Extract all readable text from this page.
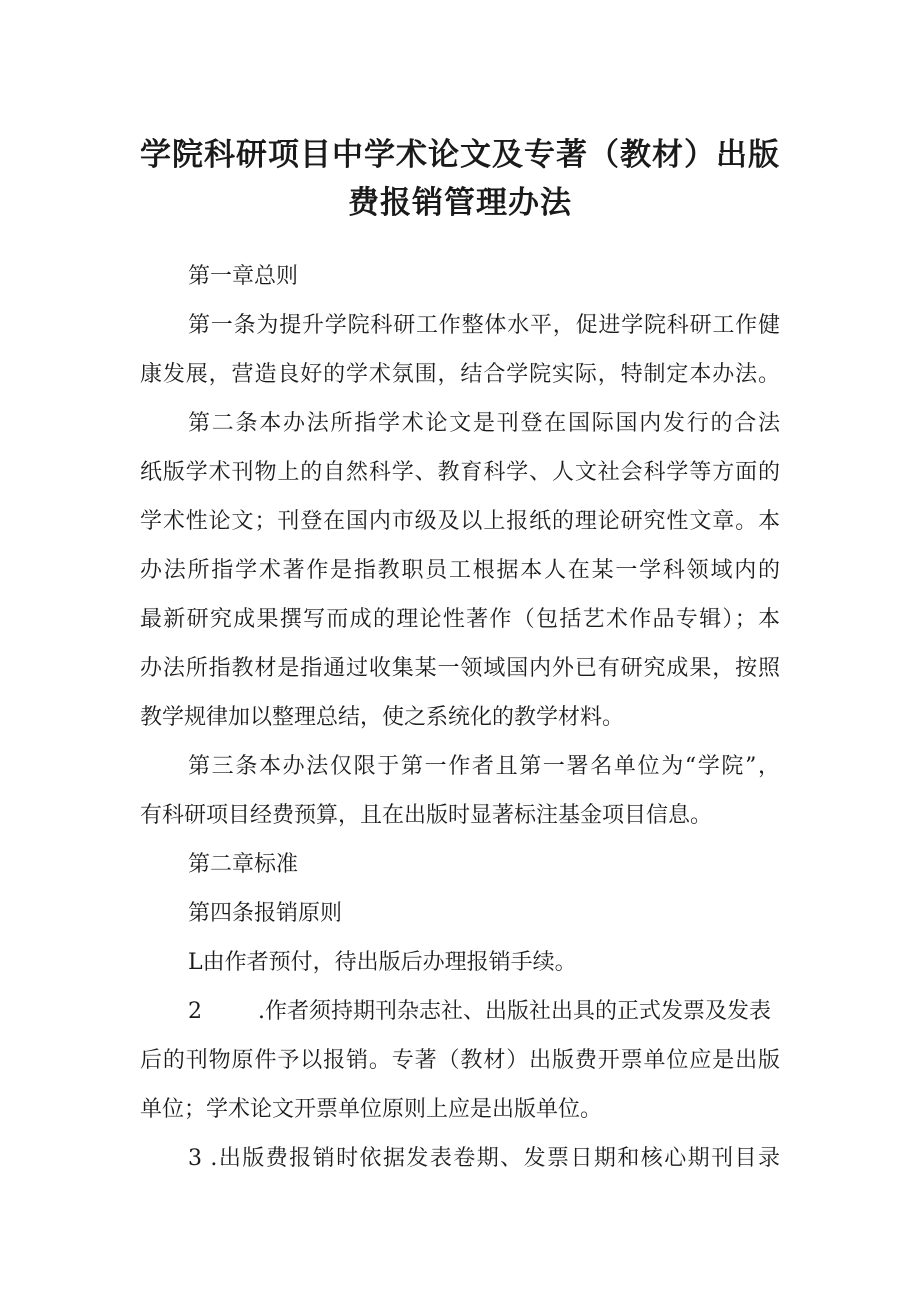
学院科研项目中学术论文及专著（教材）出版
费报销管理办法

第一章总则

第一条为提升学院科研工作整体水平，促进学院科研工作健

康发展，营造良好的学术氛围，结合学院实际，特制定本办法。

第二条本办法所指学术论文是刊登在国际国内发行的合法

纸版学术刊物上的自然科学、教育科学、人文社会科学等方面的

学术性论文；刊登在国内市级及以上报纸的理论研究性文章。本

办法所指学术著作是指教职员工根据本人在某一学科领域内的

最新研究成果撰写而成的理论性著作（包括艺术作品专辑）；本

办法所指教材是指通过收集某一领域国内外已有研究成果，按照

教学规律加以整理总结，使之系统化的教学材料。

第三条本办法仅限于第一作者且第一署名单位为“学院”，

有科研项目经费预算，且在出版时显著标注基金项目信息。

第二章标准

第四条报销原则

L由作者预付，待出版后办理报销手续。

2	.作者须持期刊杂志社、出版社出具的正式发票及发表

后的刊物原件予以报销。专著（教材）出版费开票单位应是出版

单位；学术论文开票单位原则上应是出版单位。

3 .出版费报销时依据发表卷期、发票日期和核心期刊目录
